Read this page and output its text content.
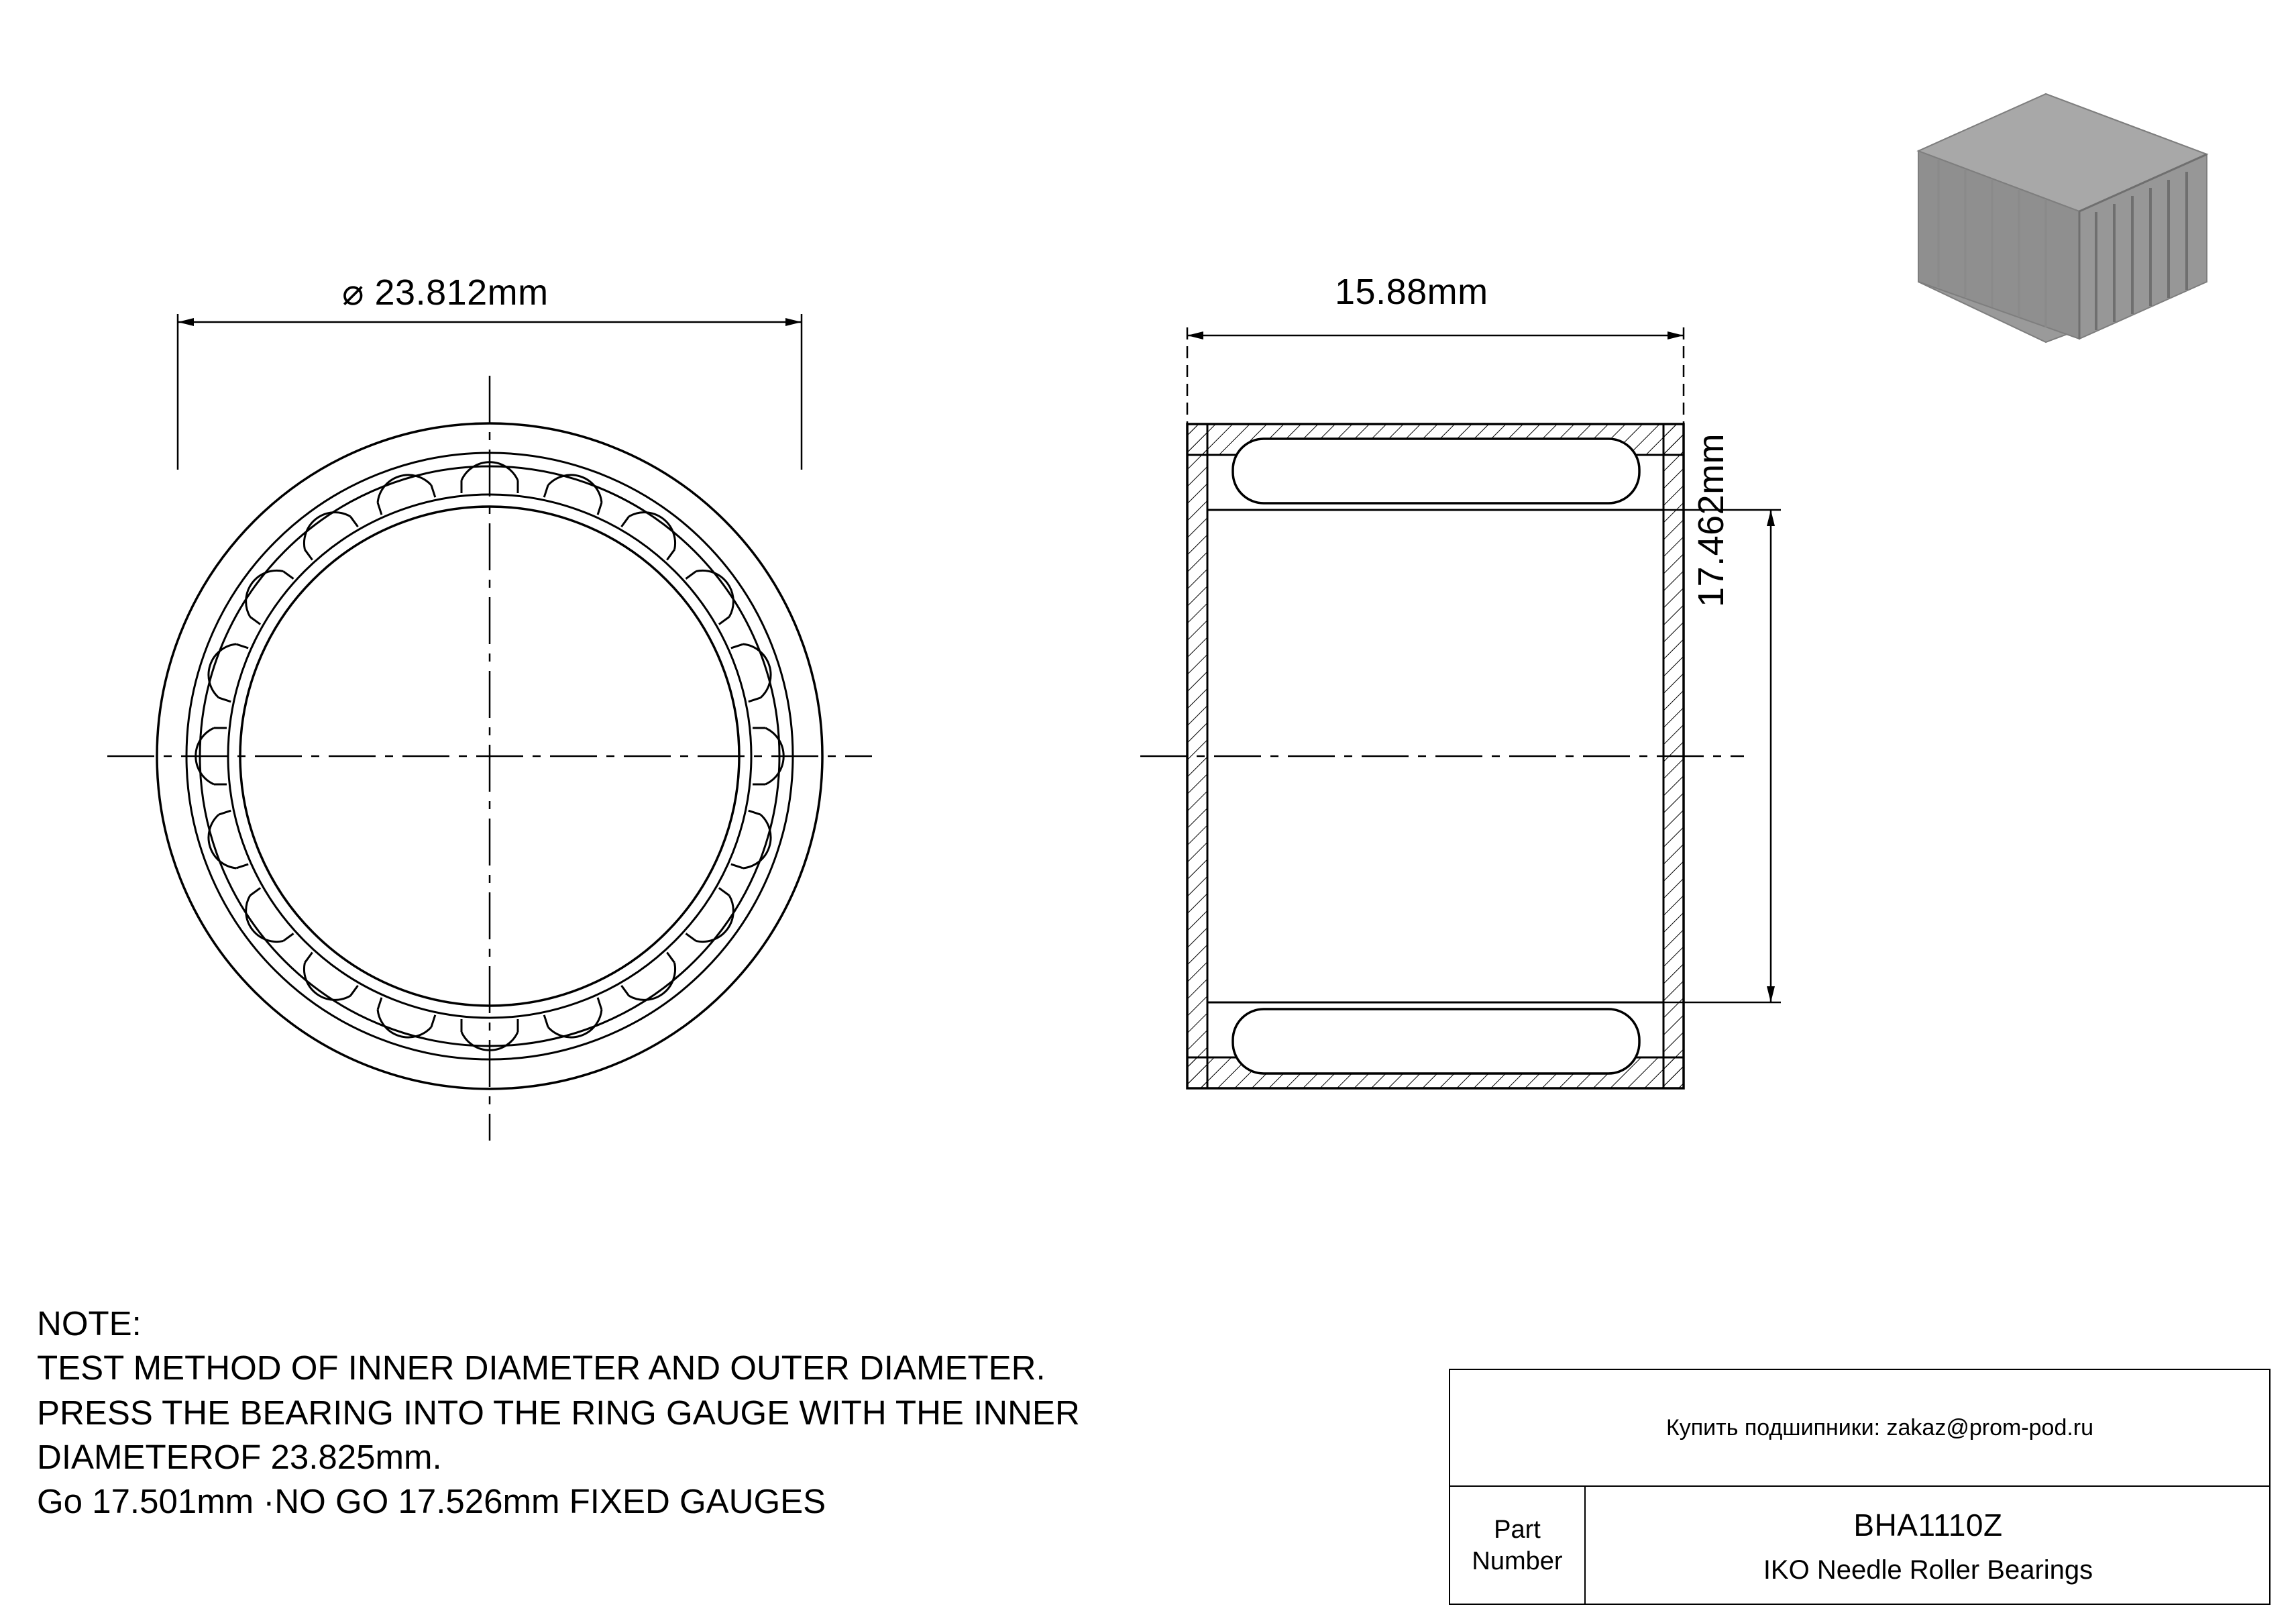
⌀ 23.812mm	15.88mm
17.462mm
NOTE:
TEST METHOD OF INNER DIAMETER AND OUTER DIAMETER.
PRESS THE BEARING INTO THE RING GAUGE WITH THE INNER
DIAMETEROF 23.825mm.
Go 17.501mm ·NO GO 17.526mm FIXED GAUGES
Купить подшипники: zakaz@prom-pod.ru
Part
Number
BHA1110Z
IKO Needle Roller Bearings
